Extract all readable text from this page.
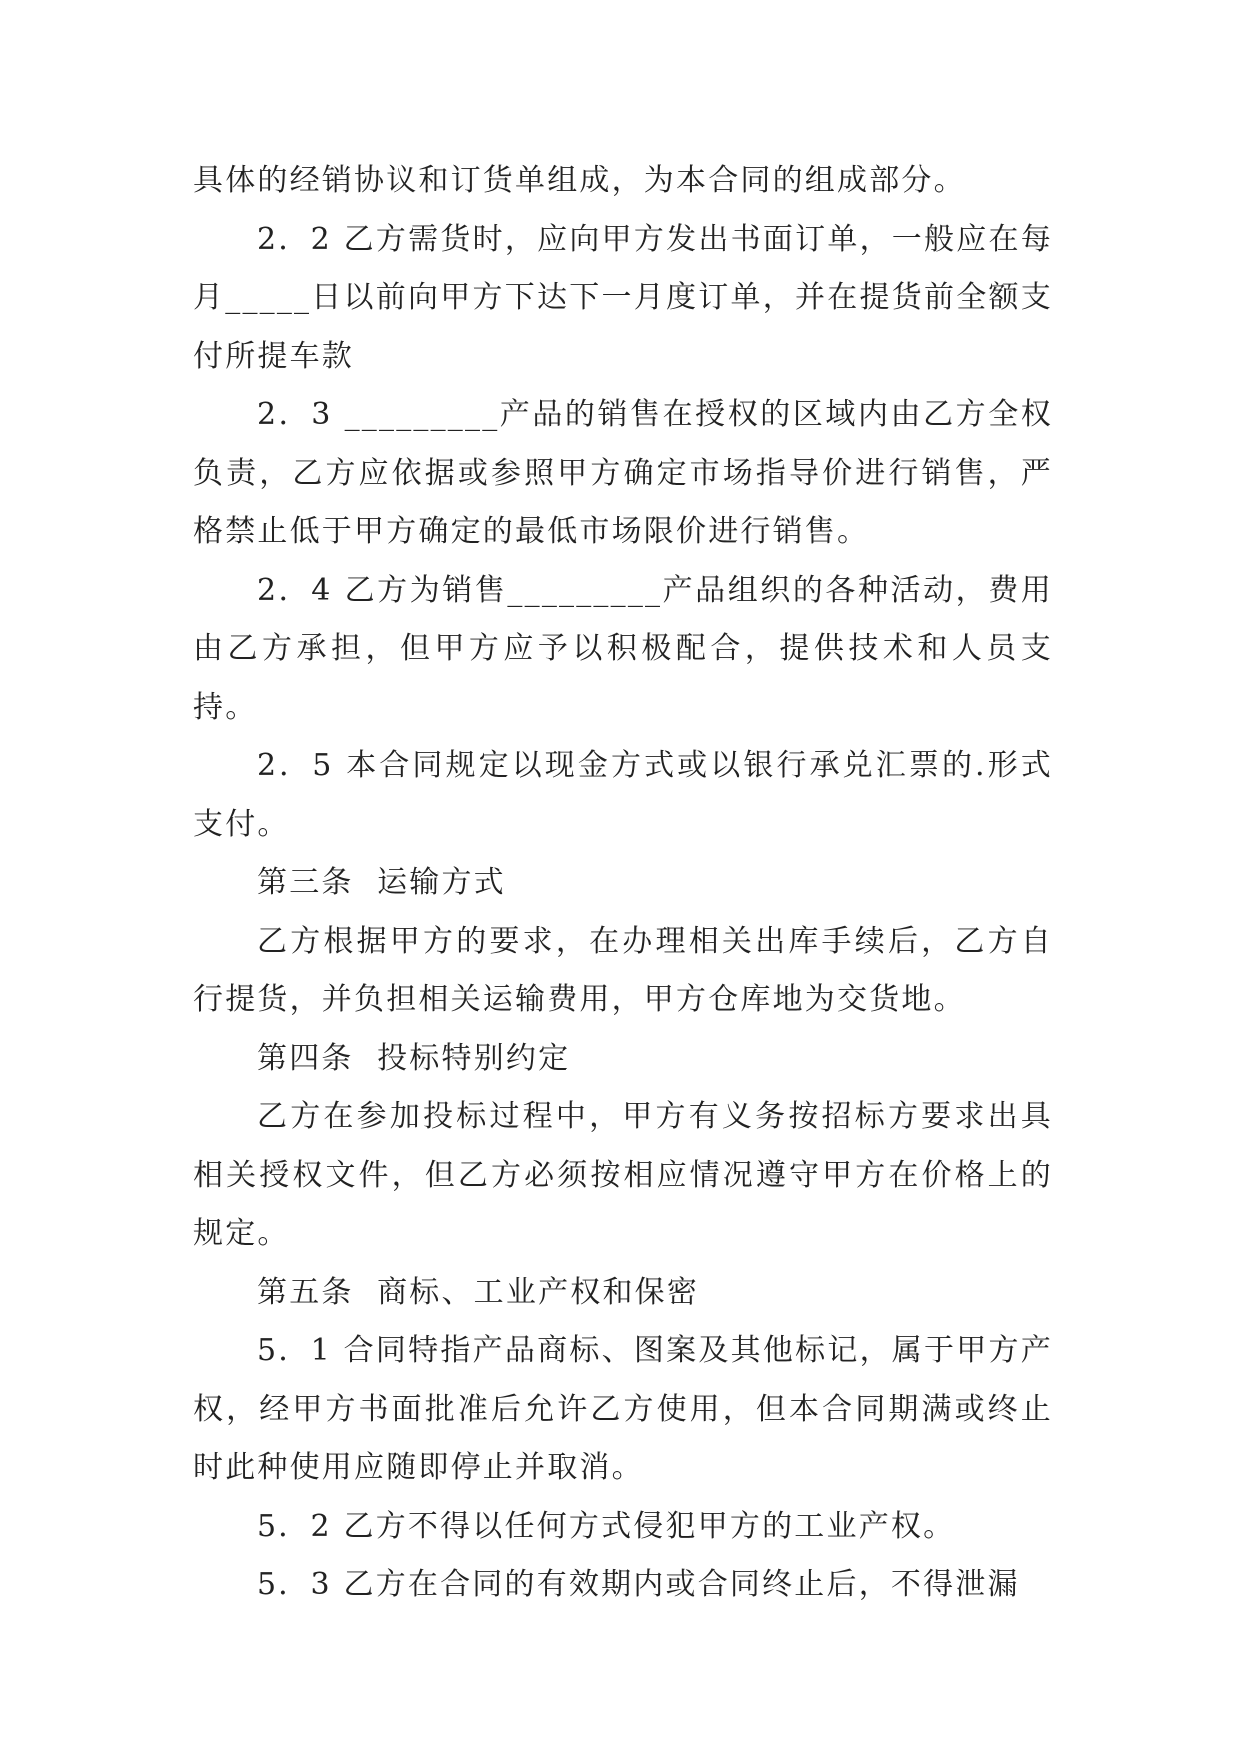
具体的经销协议和订货单组成，为本合同的组成部分。

2．2 乙方需货时，应向甲方发出书面订单，一般应在每月_____日以前向甲方下达下一月度订单，并在提货前全额支付所提车款

2．3 _________产品的销售在授权的区域内由乙方全权负责，乙方应依据或参照甲方确定市场指导价进行销售，严格禁止低于甲方确定的最低市场限价进行销售。

2．4 乙方为销售_________产品组织的各种活动，费用由乙方承担，但甲方应予以积极配合，提供技术和人员支持。

2．5 本合同规定以现金方式或以银行承兑汇票的.形式支付。

第三条  运输方式

乙方根据甲方的要求，在办理相关出库手续后，乙方自行提货，并负担相关运输费用，甲方仓库地为交货地。

第四条  投标特别约定

乙方在参加投标过程中，甲方有义务按招标方要求出具相关授权文件，但乙方必须按相应情况遵守甲方在价格上的规定。

第五条  商标、工业产权和保密

5．1 合同特指产品商标、图案及其他标记，属于甲方产权，经甲方书面批准后允许乙方使用，但本合同期满或终止时此种使用应随即停止并取消。

5．2 乙方不得以任何方式侵犯甲方的工业产权。

5．3 乙方在合同的有效期内或合同终止后，不得泄漏
